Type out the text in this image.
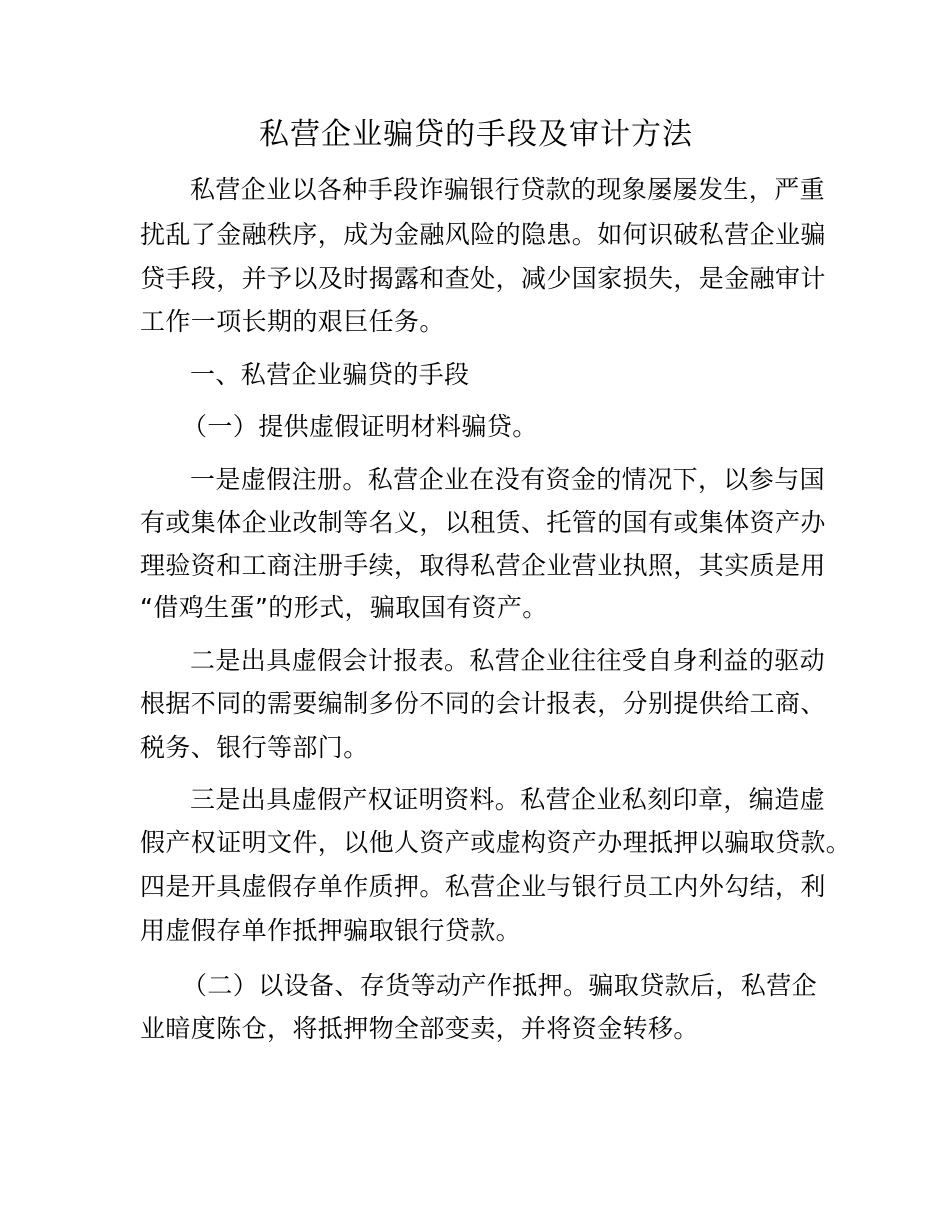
私营企业骗贷的手段及审计方法
私营企业以各种手段诈骗银行贷款的现象屡屡发生，严重
扰乱了金融秩序，成为金融风险的隐患。如何识破私营企业骗
贷手段，并予以及时揭露和查处，减少国家损失，是金融审计
工作一项长期的艰巨任务。
一、私营企业骗贷的手段
（一）提供虚假证明材料骗贷。
一是虚假注册。私营企业在没有资金的情况下，以参与国
有或集体企业改制等名义，以租赁、托管的国有或集体资产办
理验资和工商注册手续，取得私营企业营业执照，其实质是用
“借鸡生蛋”的形式，骗取国有资产。
二是出具虚假会计报表。私营企业往往受自身利益的驱动
根据不同的需要编制多份不同的会计报表，分别提供给工商、
税务、银行等部门。
三是出具虚假产权证明资料。私营企业私刻印章，编造虚
假产权证明文件，以他人资产或虚构资产办理抵押以骗取贷款。
四是开具虚假存单作质押。私营企业与银行员工内外勾结，利
用虚假存单作抵押骗取银行贷款。
（二）以设备、存货等动产作抵押。骗取贷款后，私营企
业暗度陈仓，将抵押物全部变卖，并将资金转移。
